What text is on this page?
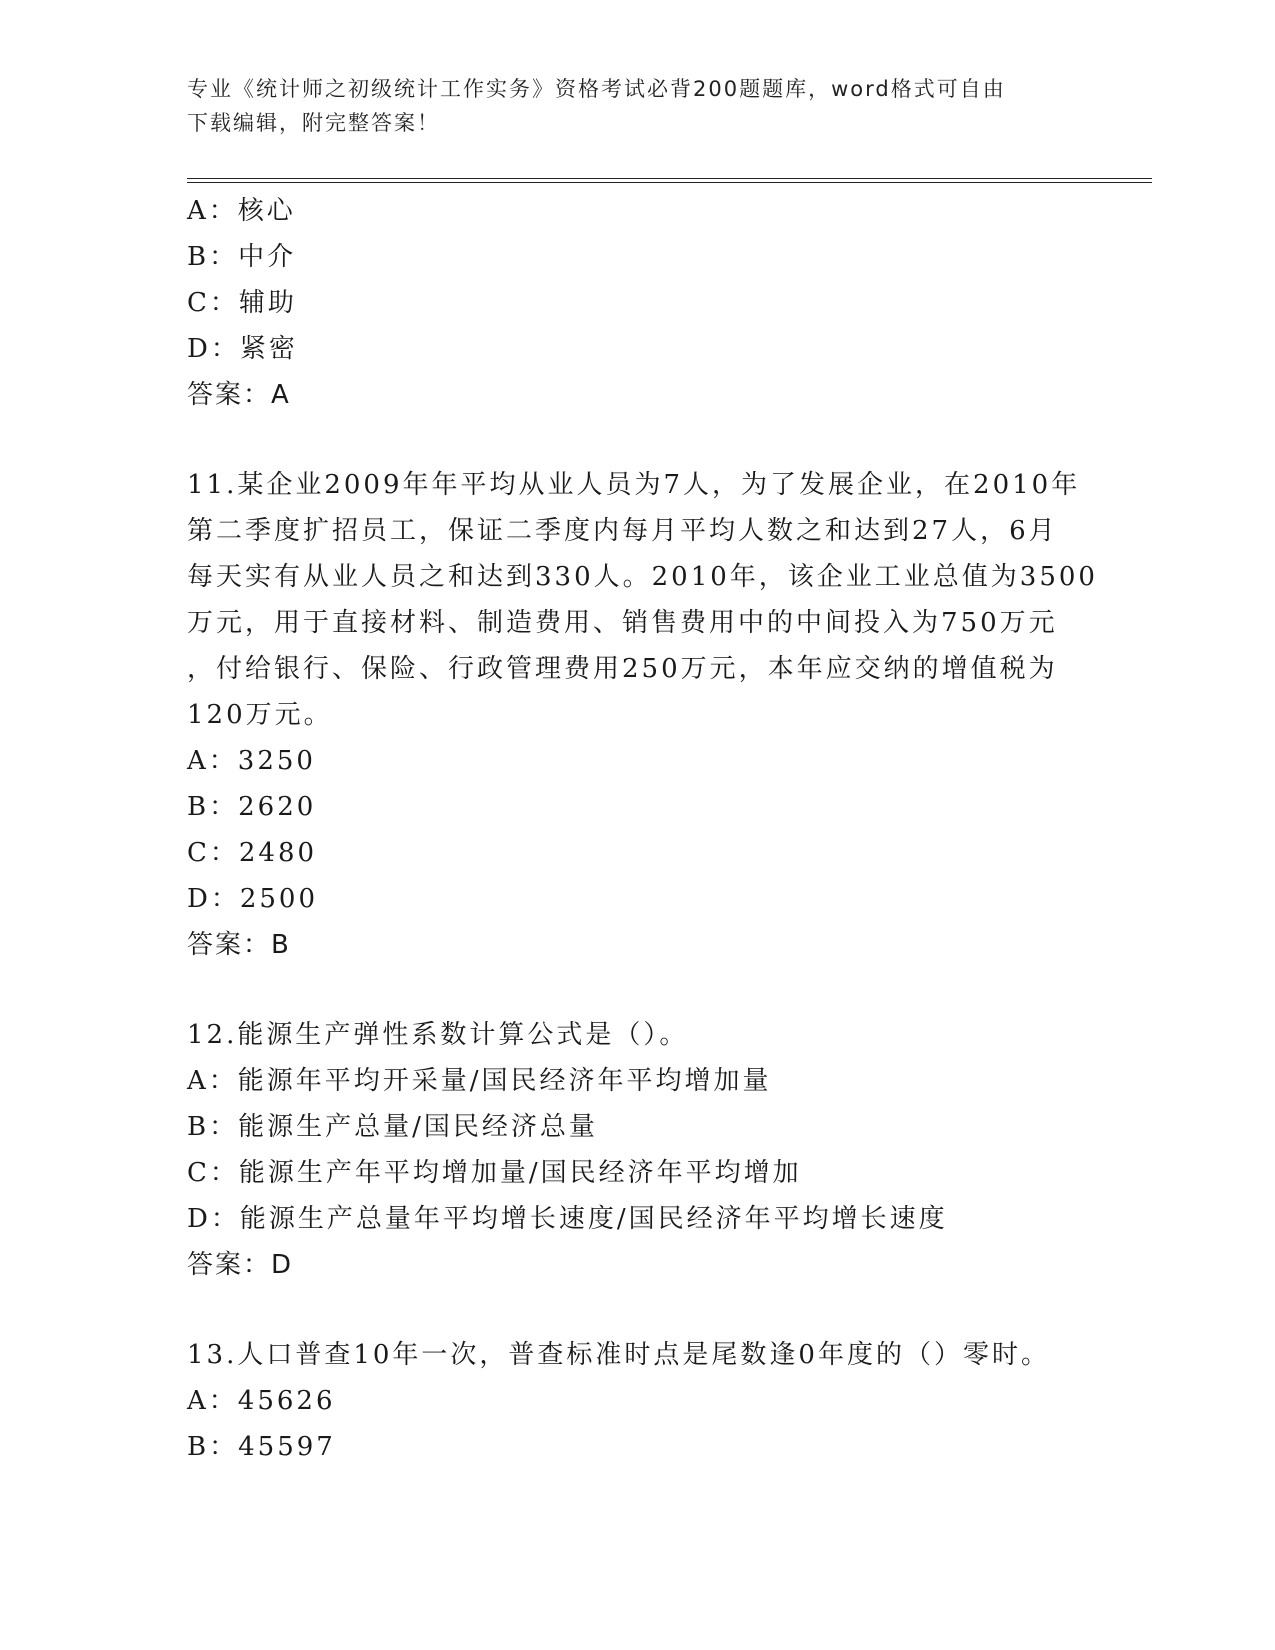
专业《统计师之初级统计工作实务》资格考试必背200题题库，word格式可自由
下载编辑，附完整答案！
A：核心
B：中介
C：辅助
D：紧密
答案：A
11.某企业2009年年平均从业人员为7人，为了发展企业，在2010年
第二季度扩招员工，保证二季度内每月平均人数之和达到27人，6月
每天实有从业人员之和达到330人。2010年，该企业工业总值为3500
万元，用于直接材料、制造费用、销售费用中的中间投入为750万元
，付给银行、保险、行政管理费用250万元，本年应交纳的增值税为
120万元。
A：3250
B：2620
C：2480
D：2500
答案：B
12.能源生产弹性系数计算公式是（）。
A：能源年平均开采量/国民经济年平均增加量
B：能源生产总量/国民经济总量
C：能源生产年平均增加量/国民经济年平均增加
D：能源生产总量年平均增长速度/国民经济年平均增长速度
答案：D
13.人口普查10年一次，普查标准时点是尾数逢0年度的（）零时。
A：45626
B：45597
